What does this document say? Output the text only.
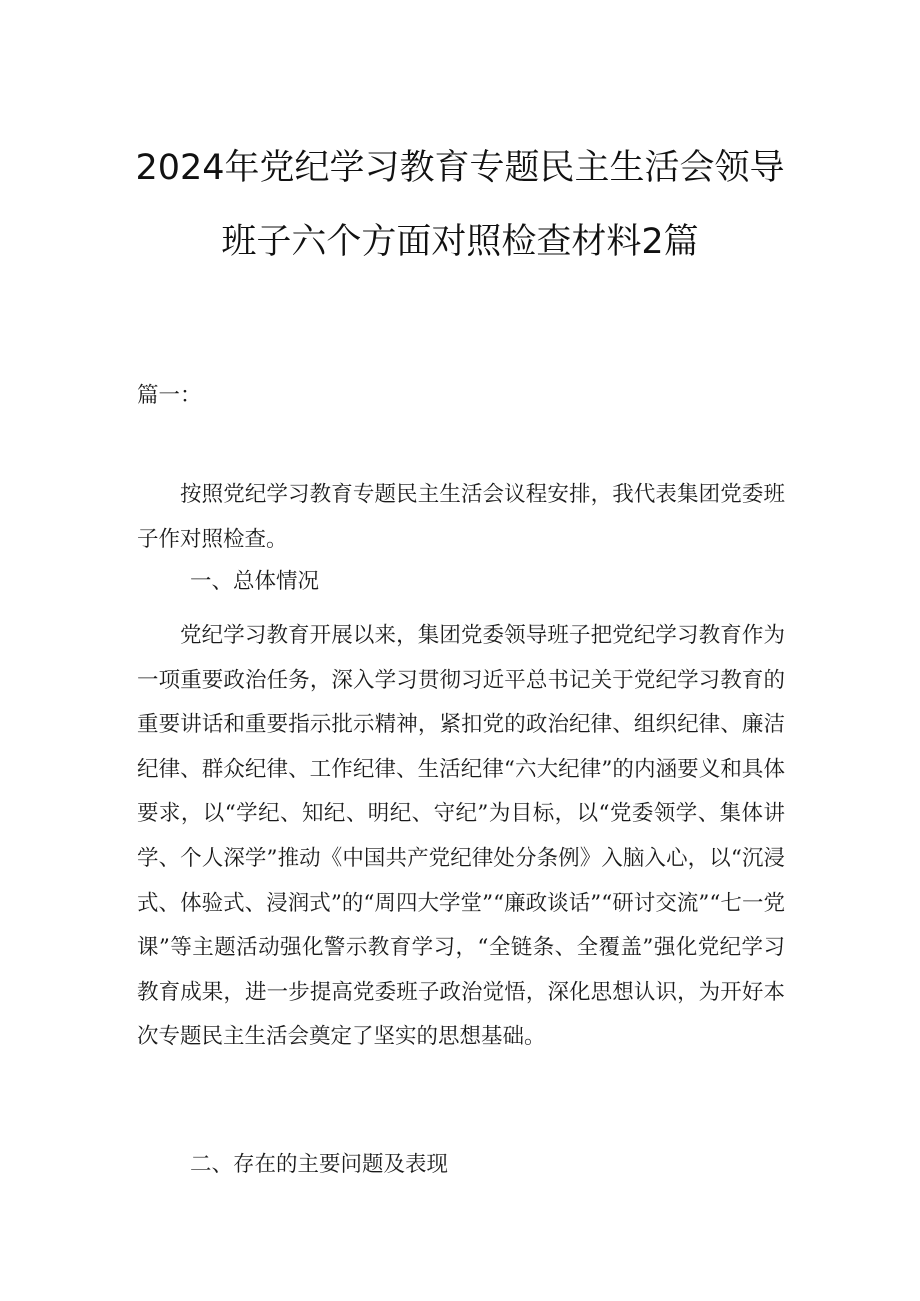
2024年党纪学习教育专题民主生活会领导
班子六个方面对照检查材料2篇

篇一：

按照党纪学习教育专题民主生活会议程安排，我代表集团党委班子作对照检查。

一、总体情况

党纪学习教育开展以来，集团党委领导班子把党纪学习教育作为一项重要政治任务，深入学习贯彻习近平总书记关于党纪学习教育的重要讲话和重要指示批示精神，紧扣党的政治纪律、组织纪律、廉洁纪律、群众纪律、工作纪律、生活纪律“六大纪律”的内涵要义和具体要求，以“学纪、知纪、明纪、守纪”为目标，以“党委领学、集体讲学、个人深学”推动《中国共产党纪律处分条例》入脑入心，以“沉浸式、体验式、浸润式”的“周四大学堂”“廉政谈话”“研讨交流”“七一党课”等主题活动强化警示教育学习，“全链条、全覆盖”强化党纪学习教育成果，进一步提高党委班子政治觉悟，深化思想认识，为开好本次专题民主生活会奠定了坚实的思想基础。

二、存在的主要问题及表现
